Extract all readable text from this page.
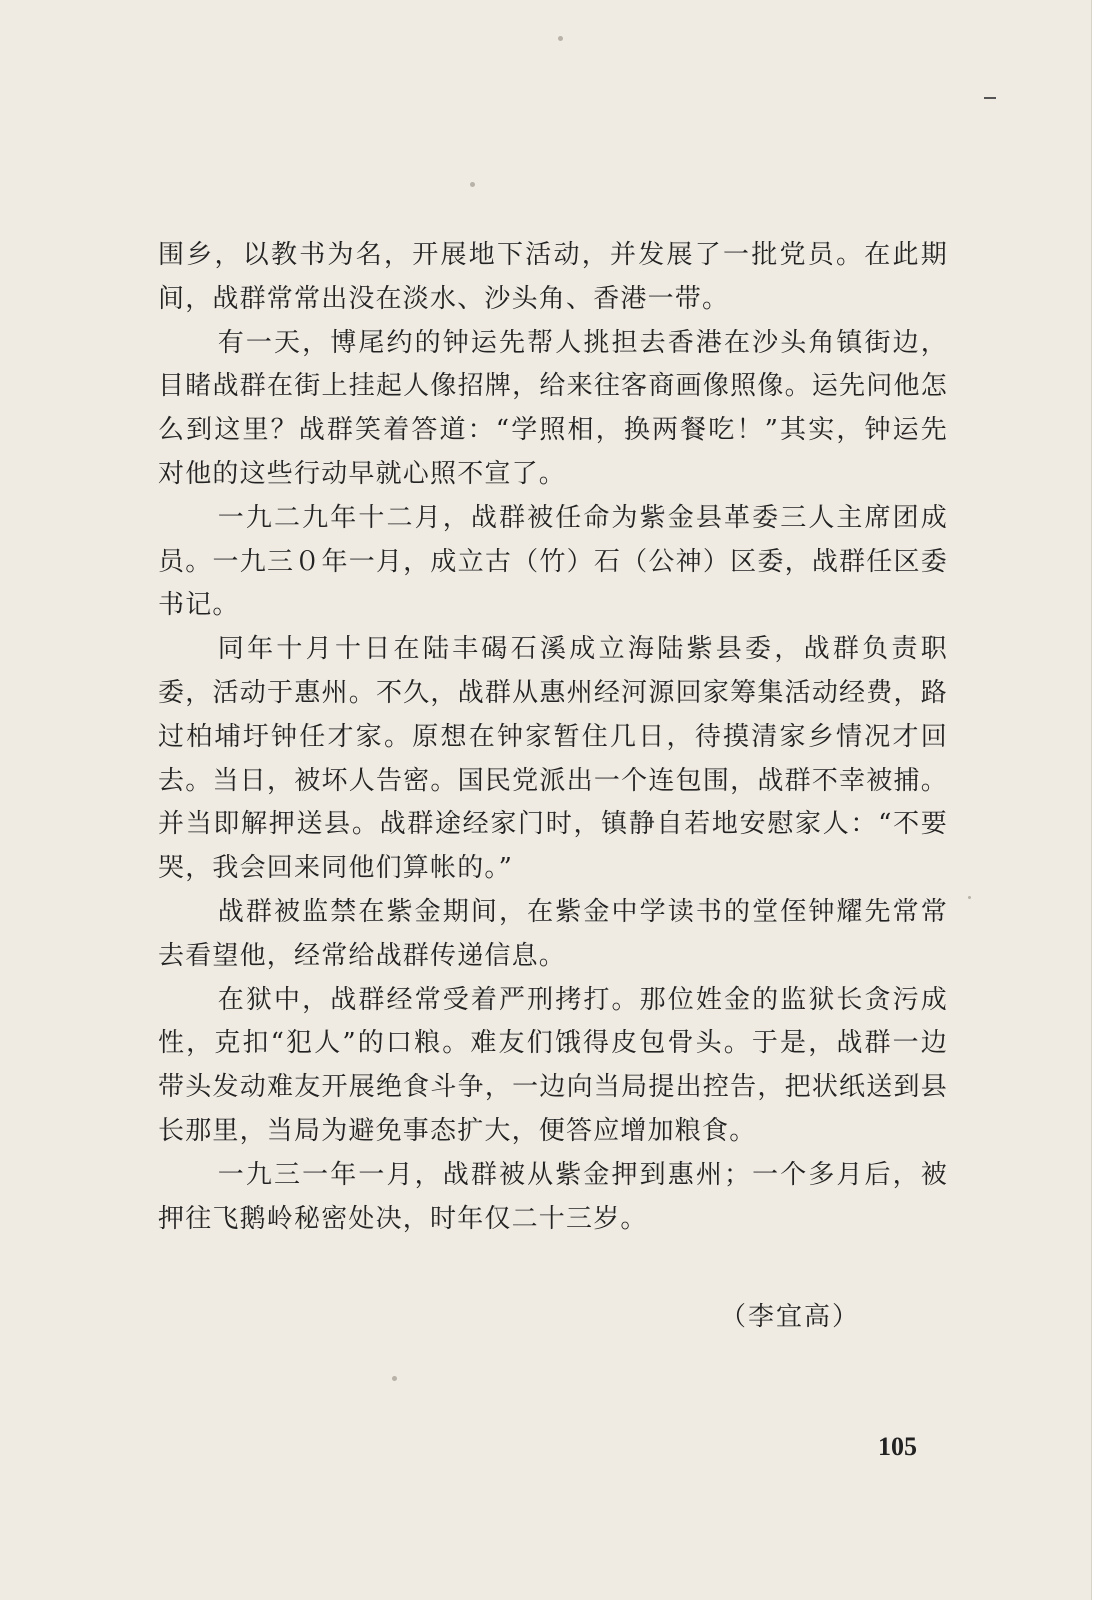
围乡，以教书为名，开展地下活动，并发展了一批党员。在此期间，战群常常出没在淡水、沙头角、香港一带。

有一天，博尾约的钟运先帮人挑担去香港在沙头角镇街边，目睹战群在街上挂起人像招牌，给来往客商画像照像。运先问他怎么到这里？战群笑着答道：“学照相，换两餐吃！”其实，钟运先对他的这些行动早就心照不宣了。

一九二九年十二月，战群被任命为紫金县革委三人主席团成员。一九三０年一月，成立古（竹）石（公神）区委，战群任区委书记。

同年十月十日在陆丰碣石溪成立海陆紫县委，战群负责职委，活动于惠州。不久，战群从惠州经河源回家筹集活动经费，路过柏埔圩钟任才家。原想在钟家暂住几日，待摸清家乡情况才回去。当日，被坏人告密。国民党派出一个连包围，战群不幸被捕。并当即解押送县。战群途经家门时，镇静自若地安慰家人：“不要哭，我会回来同他们算帐的。”

战群被监禁在紫金期间，在紫金中学读书的堂侄钟耀先常常去看望他，经常给战群传递信息。

在狱中，战群经常受着严刑拷打。那位姓金的监狱长贪污成性，克扣“犯人”的口粮。难友们饿得皮包骨头。于是，战群一边带头发动难友开展绝食斗争，一边向当局提出控告，把状纸送到县长那里，当局为避免事态扩大，便答应增加粮食。

一九三一年一月，战群被从紫金押到惠州；一个多月后，被押往飞鹅岭秘密处决，时年仅二十三岁。

（李宜高）
105
